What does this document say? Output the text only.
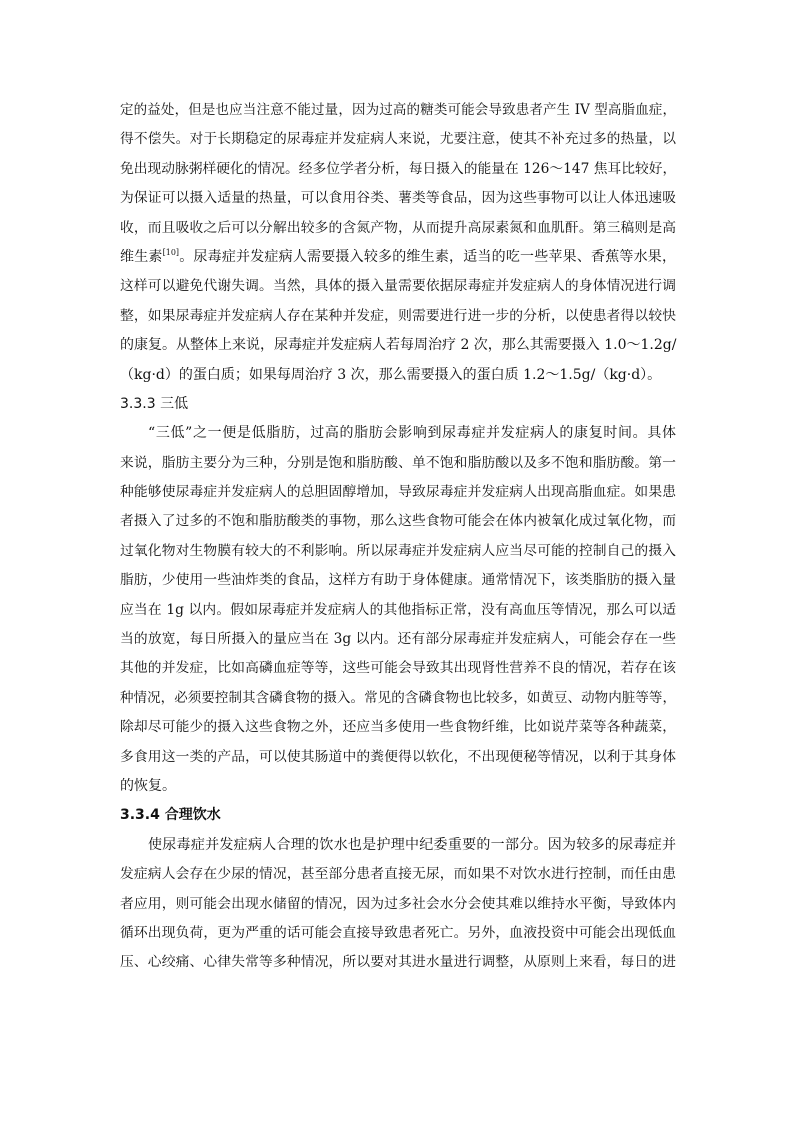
定的益处，但是也应当注意不能过量，因为过高的糖类可能会导致患者产生 IV 型高脂血症，
得不偿失。对于长期稳定的尿毒症并发症病人来说，尤要注意，使其不补充过多的热量，以
免出现动脉粥样硬化的情况。经多位学者分析，每日摄入的能量在 126～147 焦耳比较好，
为保证可以摄入适量的热量，可以食用谷类、薯类等食品，因为这些事物可以让人体迅速吸
收，而且吸收之后可以分解出较多的含氮产物，从而提升高尿素氮和血肌酐。第三稿则是高
维生素[10]。尿毒症并发症病人需要摄入较多的维生素，适当的吃一些苹果、香蕉等水果，
这样可以避免代谢失调。当然，具体的摄入量需要依据尿毒症并发症病人的身体情况进行调
整，如果尿毒症并发症病人存在某种并发症，则需要进行进一步的分析，以使患者得以较快
的康复。从整体上来说，尿毒症并发症病人若每周治疗 2 次，那么其需要摄入 1.0～1.2g/
（kg·d）的蛋白质；如果每周治疗 3 次，那么需要摄入的蛋白质 1.2～1.5g/（kg·d）。
3.3.3 三低
“三低”之一便是低脂肪，过高的脂肪会影响到尿毒症并发症病人的康复时间。具体
来说，脂肪主要分为三种，分别是饱和脂肪酸、单不饱和脂肪酸以及多不饱和脂肪酸。第一
种能够使尿毒症并发症病人的总胆固醇增加，导致尿毒症并发症病人出现高脂血症。如果患
者摄入了过多的不饱和脂肪酸类的事物，那么这些食物可能会在体内被氧化成过氧化物，而
过氧化物对生物膜有较大的不利影响。所以尿毒症并发症病人应当尽可能的控制自己的摄入
脂肪，少使用一些油炸类的食品，这样方有助于身体健康。通常情况下，该类脂肪的摄入量
应当在 1g 以内。假如尿毒症并发症病人的其他指标正常，没有高血压等情况，那么可以适
当的放宽，每日所摄入的量应当在 3g 以内。还有部分尿毒症并发症病人，可能会存在一些
其他的并发症，比如高磷血症等等，这些可能会导致其出现肾性营养不良的情况，若存在该
种情况，必须要控制其含磷食物的摄入。常见的含磷食物也比较多，如黄豆、动物内脏等等，
除却尽可能少的摄入这些食物之外，还应当多使用一些食物纤维，比如说芹菜等各种蔬菜，
多食用这一类的产品，可以使其肠道中的粪便得以软化，不出现便秘等情况，以利于其身体
的恢复。
3.3.4 合理饮水
使尿毒症并发症病人合理的饮水也是护理中纪委重要的一部分。因为较多的尿毒症并
发症病人会存在少尿的情况，甚至部分患者直接无尿，而如果不对饮水进行控制，而任由患
者应用，则可能会出现水储留的情况，因为过多社会水分会使其难以维持水平衡，导致体内
循环出现负荷，更为严重的话可能会直接导致患者死亡。另外，血液投资中可能会出现低血
压、心绞痛、心律失常等多种情况，所以要对其进水量进行调整，从原则上来看，每日的进
